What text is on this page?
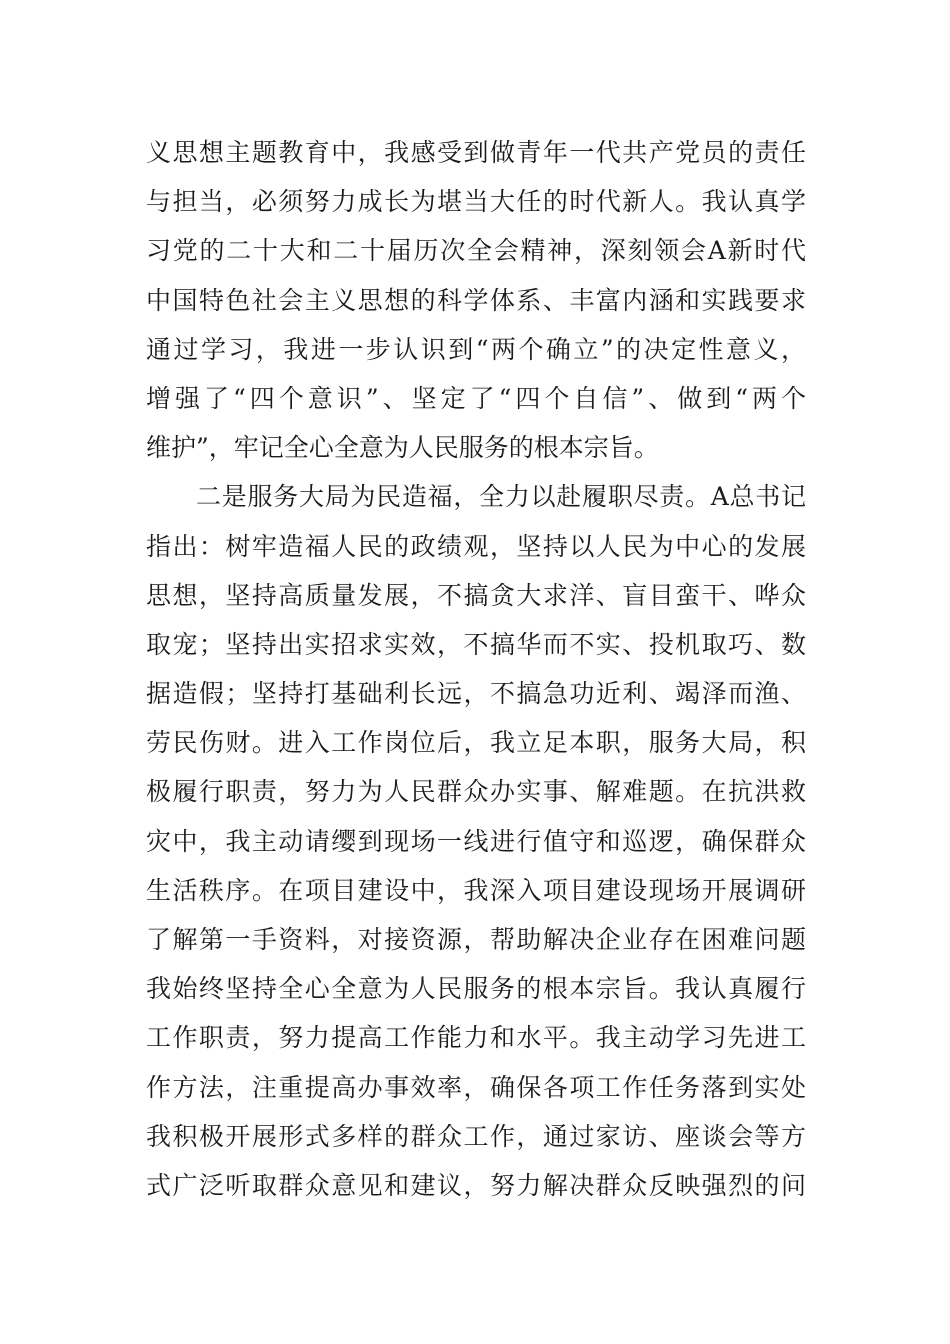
义思想主题教育中，我感受到做青年一代共产党员的责任
与担当，必须努力成长为堪当大任的时代新人。我认真学
习党的二十大和二十届历次全会精神，深刻领会A新时代
中国特色社会主义思想的科学体系、丰富内涵和实践要求
通过学习，我进一步认识到“两个确立”的决定性意义，
增强了“四个意识”、坚定了“四个自信”、做到“两个
维护”，牢记全心全意为人民服务的根本宗旨。
二是服务大局为民造福，全力以赴履职尽责。A总书记
指出：树牢造福人民的政绩观，坚持以人民为中心的发展
思想，坚持高质量发展，不搞贪大求洋、盲目蛮干、哗众
取宠；坚持出实招求实效，不搞华而不实、投机取巧、数
据造假；坚持打基础利长远，不搞急功近利、竭泽而渔、
劳民伤财。进入工作岗位后，我立足本职，服务大局，积
极履行职责，努力为人民群众办实事、解难题。在抗洪救
灾中，我主动请缨到现场一线进行值守和巡逻，确保群众
生活秩序。在项目建设中，我深入项目建设现场开展调研
了解第一手资料，对接资源，帮助解决企业存在困难问题
我始终坚持全心全意为人民服务的根本宗旨。我认真履行
工作职责，努力提高工作能力和水平。我主动学习先进工
作方法，注重提高办事效率，确保各项工作任务落到实处
我积极开展形式多样的群众工作，通过家访、座谈会等方
式广泛听取群众意见和建议，努力解决群众反映强烈的问
